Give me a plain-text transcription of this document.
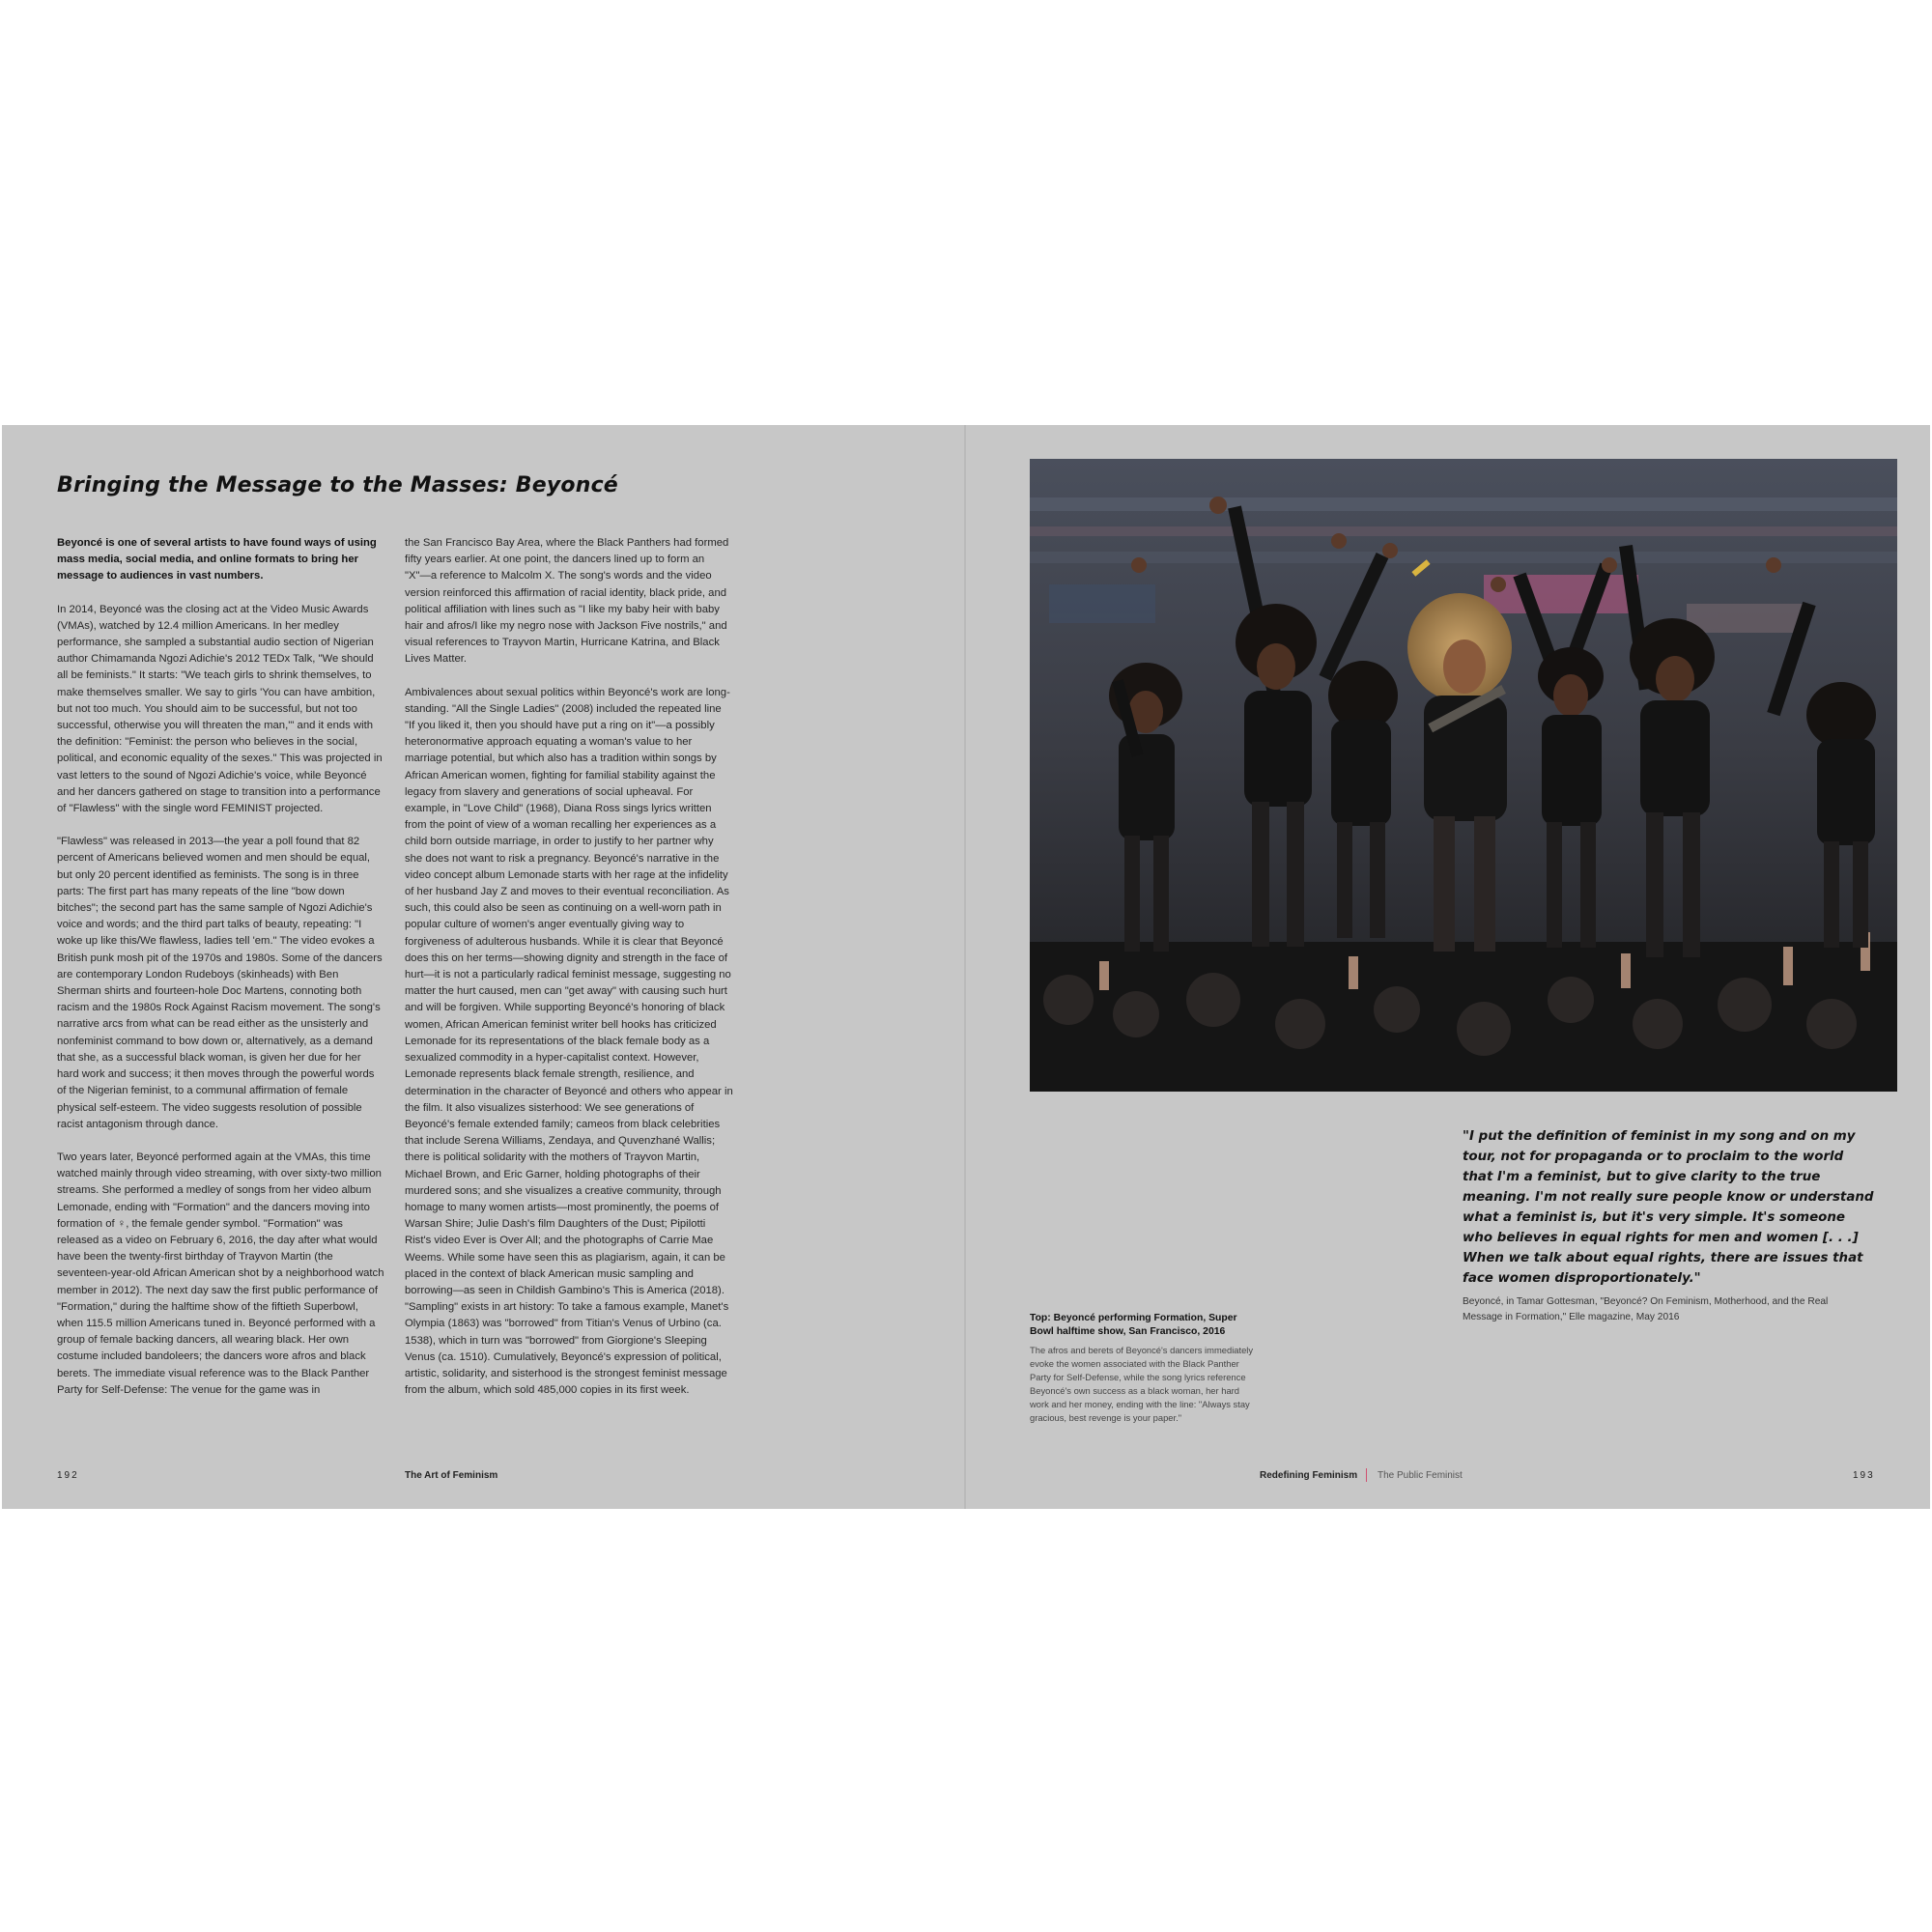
Bringing the Message to the Masses: Beyoncé

Beyoncé is one of several artists to have found ways of using mass media, social media, and online formats to bring her message to audiences in vast numbers.

In 2014, Beyoncé was the closing act at the Video Music Awards (VMAs), watched by 12.4 million Americans. In her medley performance, she sampled a substantial audio section of Nigerian author Chimamanda Ngozi Adichie's 2012 TEDx Talk, "We should all be feminists." It starts: "We teach girls to shrink themselves, to make themselves smaller. We say to girls 'You can have ambition, but not too much. You should aim to be successful, but not too successful, otherwise you will threaten the man,'" and it ends with the definition: "Feminist: the person who believes in the social, political, and economic equality of the sexes." This was projected in vast letters to the sound of Ngozi Adichie's voice, while Beyoncé and her dancers gathered on stage to transition into a performance of "Flawless" with the single word FEMINIST projected.

"Flawless" was released in 2013—the year a poll found that 82 percent of Americans believed women and men should be equal, but only 20 percent identified as feminists. The song is in three parts: The first part has many repeats of the line "bow down bitches"; the second part has the same sample of Ngozi Adichie's voice and words; and the third part talks of beauty, repeating: "I woke up like this/We flawless, ladies tell 'em." The video evokes a British punk mosh pit of the 1970s and 1980s. Some of the dancers are contemporary London Rudeboys (skinheads) with Ben Sherman shirts and fourteen-hole Doc Martens, connoting both racism and the 1980s Rock Against Racism movement. The song's narrative arcs from what can be read either as the unsisterly and nonfeminist command to bow down or, alternatively, as a demand that she, as a successful black woman, is given her due for her hard work and success; it then moves through the powerful words of the Nigerian feminist, to a communal affirmation of female physical self-esteem. The video suggests resolution of possible racist antagonism through dance.

Two years later, Beyoncé performed again at the VMAs, this time watched mainly through video streaming, with over sixty-two million streams. She performed a medley of songs from her video album Lemonade, ending with "Formation" and the dancers moving into formation of ♀, the female gender symbol. "Formation" was released as a video on February 6, 2016, the day after what would have been the twenty-first birthday of Trayvon Martin (the seventeen-year-old African American shot by a neighborhood watch member in 2012). The next day saw the first public performance of "Formation," during the halftime show of the fiftieth Superbowl, when 115.5 million Americans tuned in. Beyoncé performed with a group of female backing dancers, all wearing black. Her own costume included bandoleers; the dancers wore afros and black berets. The immediate visual reference was to the Black Panther Party for Self-Defense: The venue for the game was in

the San Francisco Bay Area, where the Black Panthers had formed fifty years earlier. At one point, the dancers lined up to form an "X"—a reference to Malcolm X. The song's words and the video version reinforced this affirmation of racial identity, black pride, and political affiliation with lines such as "I like my baby heir with baby hair and afros/I like my negro nose with Jackson Five nostrils," and visual references to Trayvon Martin, Hurricane Katrina, and Black Lives Matter.

Ambivalences about sexual politics within Beyoncé's work are long-standing. "All the Single Ladies" (2008) included the repeated line "If you liked it, then you should have put a ring on it"—a possibly heteronormative approach equating a woman's value to her marriage potential, but which also has a tradition within songs by African American women, fighting for familial stability against the legacy from slavery and generations of social upheaval. For example, in "Love Child" (1968), Diana Ross sings lyrics written from the point of view of a woman recalling her experiences as a child born outside marriage, in order to justify to her partner why she does not want to risk a pregnancy. Beyoncé's narrative in the video concept album Lemonade starts with her rage at the infidelity of her husband Jay Z and moves to their eventual reconciliation. As such, this could also be seen as continuing on a well-worn path in popular culture of women's anger eventually giving way to forgiveness of adulterous husbands. While it is clear that Beyoncé does this on her terms—showing dignity and strength in the face of hurt—it is not a particularly radical feminist message, suggesting no matter the hurt caused, men can "get away" with causing such hurt and will be forgiven. While supporting Beyoncé's honoring of black women, African American feminist writer bell hooks has criticized Lemonade for its representations of the black female body as a sexualized commodity in a hyper-capitalist context. However, Lemonade represents black female strength, resilience, and determination in the character of Beyoncé and others who appear in the film. It also visualizes sisterhood: We see generations of Beyoncé's female extended family; cameos from black celebrities that include Serena Williams, Zendaya, and Quvenzhané Wallis; there is political solidarity with the mothers of Trayvon Martin, Michael Brown, and Eric Garner, holding photographs of their murdered sons; and she visualizes a creative community, through homage to many women artists—most prominently, the poems of Warsan Shire; Julie Dash's film Daughters of the Dust; Pipilotti Rist's video Ever is Over All; and the photographs of Carrie Mae Weems. While some have seen this as plagiarism, again, it can be placed in the context of black American music sampling and borrowing—as seen in Childish Gambino's This is America (2018). "Sampling" exists in art history: To take a famous example, Manet's Olympia (1863) was "borrowed" from Titian's Venus of Urbino (ca. 1538), which in turn was "borrowed" from Giorgione's Sleeping Venus (ca. 1510). Cumulatively, Beyoncé's expression of political, artistic, solidarity, and sisterhood is the strongest feminist message from the album, which sold 485,000 copies in its first week.

192	The Art of Feminism

"I put the definition of feminist in my song and on my tour, not for propaganda or to proclaim to the world that I'm a feminist, but to give clarity to the true meaning. I'm not really sure people know or understand what a feminist is, but it's very simple. It's someone who believes in equal rights for men and women [. . .] When we talk about equal rights, there are issues that face women disproportionately."

Beyoncé, in Tamar Gottesman, "Beyoncé? On Feminism, Motherhood, and the Real Message in Formation," Elle magazine, May 2016

Top: Beyoncé performing Formation, Super Bowl halftime show, San Francisco, 2016

The afros and berets of Beyoncé's dancers immediately evoke the women associated with the Black Panther Party for Self-Defense, while the song lyrics reference Beyoncé's own success as a black woman, her hard work and her money, ending with the line: "Always stay gracious, best revenge is your paper."

Redefining Feminism The Public Feminist	193
